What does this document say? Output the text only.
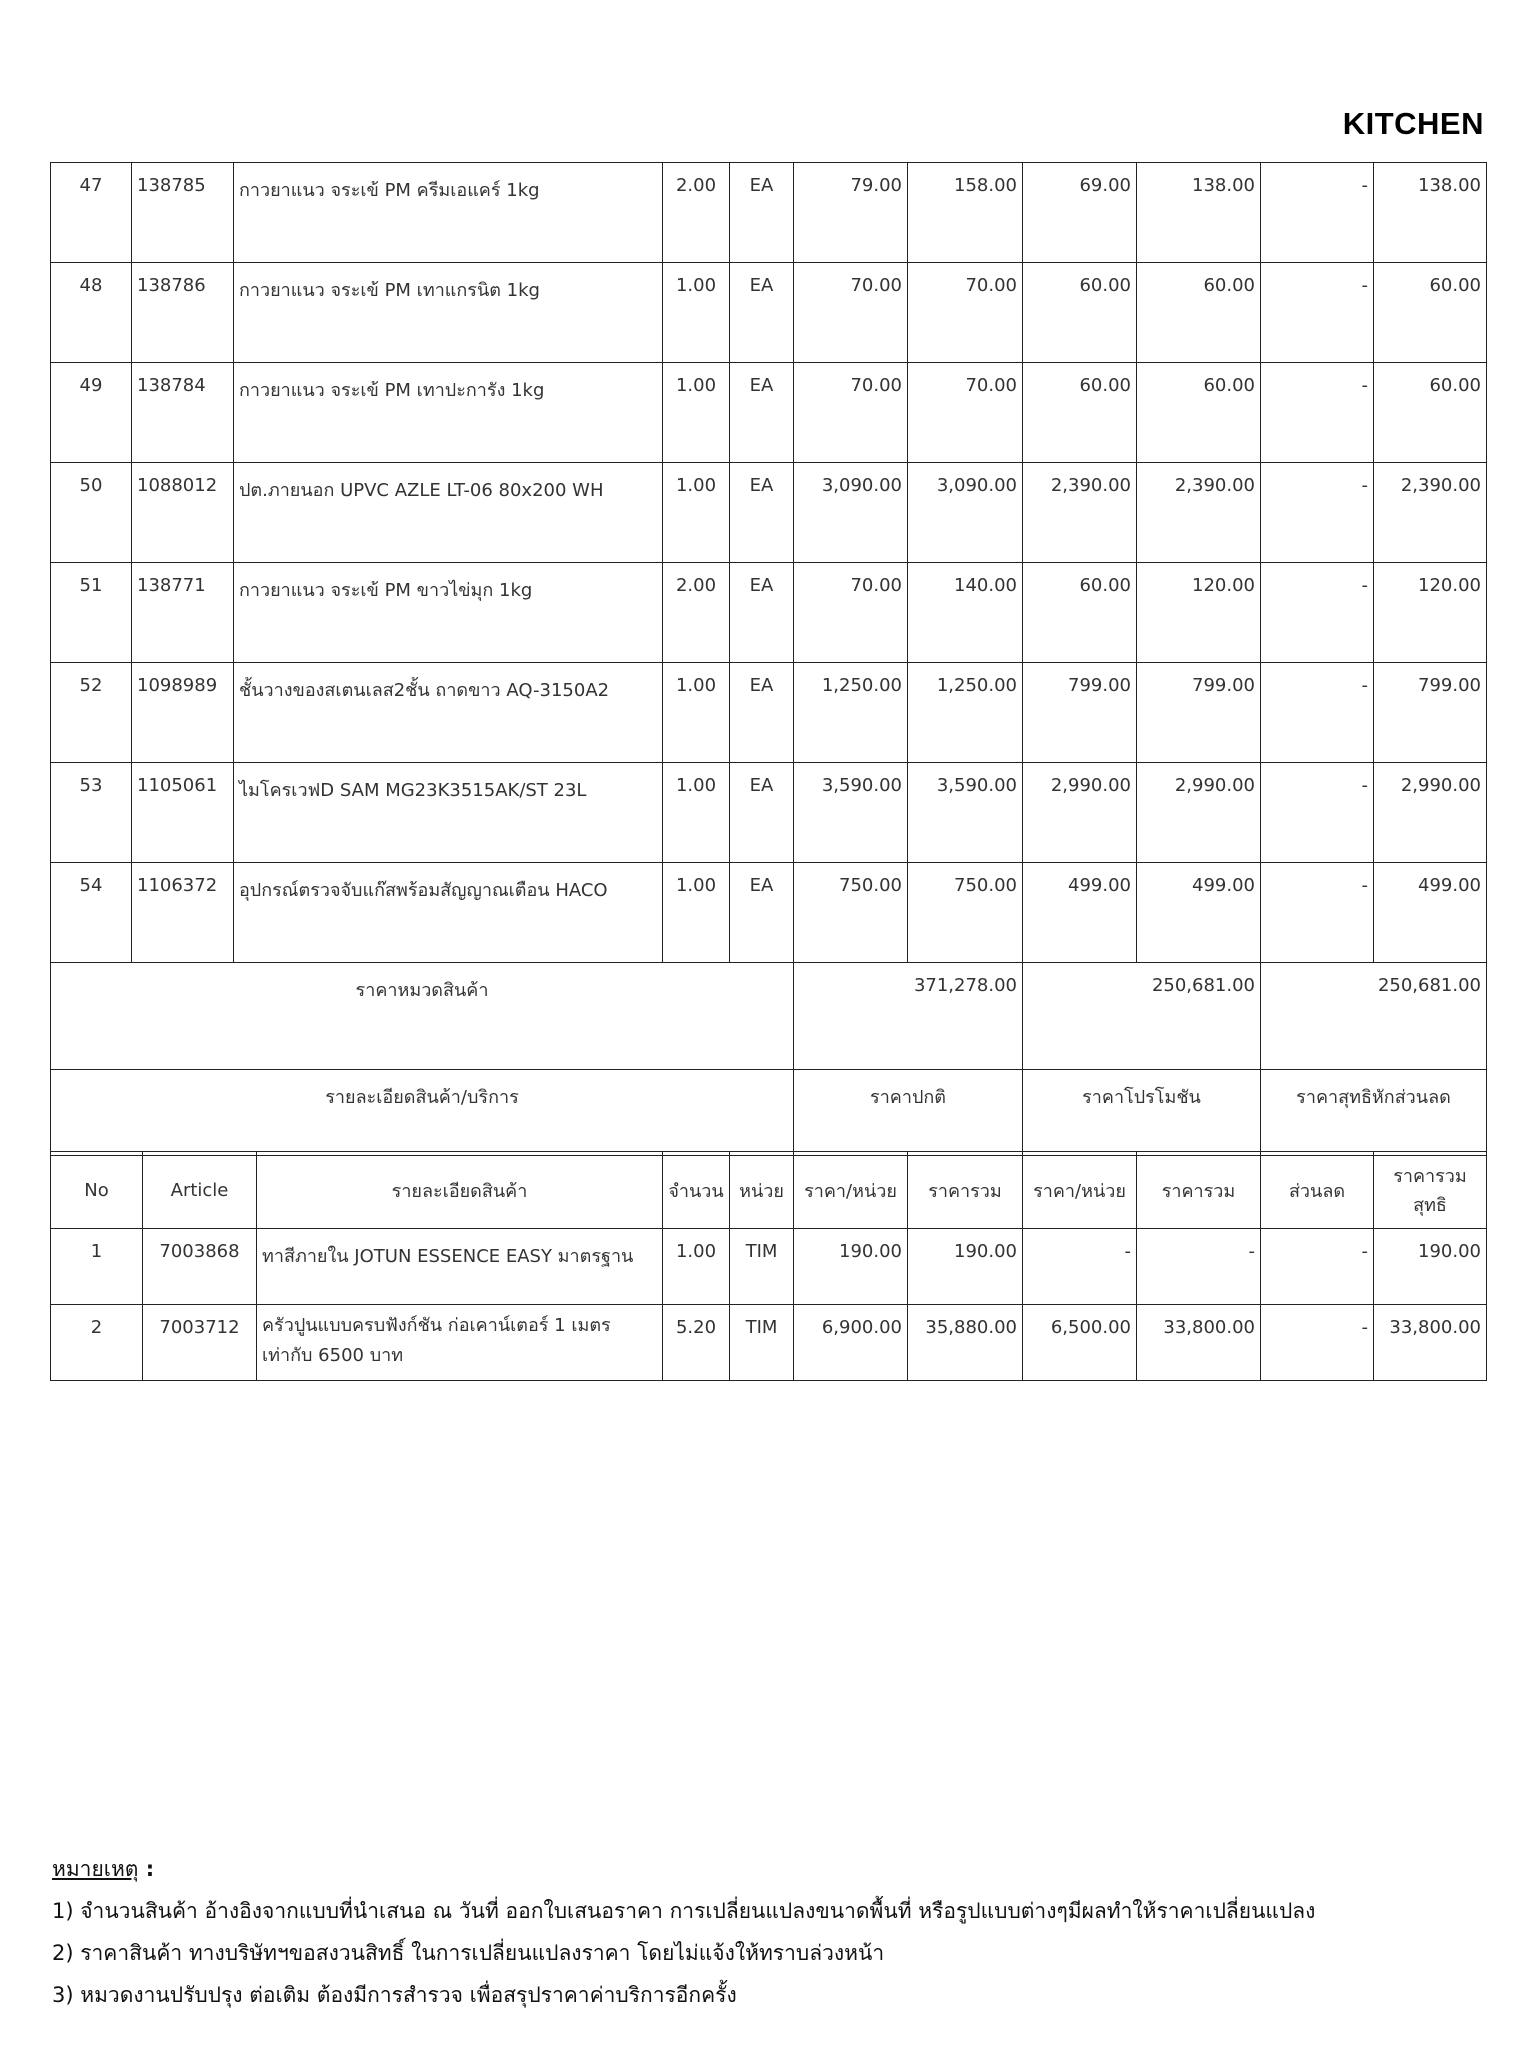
KITCHEN
47	138785	กาวยาแนว จระเข้ PM ครีมเอแคร์ 1kg	2.00	EA	79.00	158.00	69.00	138.00	-	138.00
48	138786	กาวยาแนว จระเข้ PM เทาแกรนิต 1kg	1.00	EA	70.00	70.00	60.00	60.00	-	60.00
49	138784	กาวยาแนว จระเข้ PM เทาปะการัง 1kg	1.00	EA	70.00	70.00	60.00	60.00	-	60.00
50	1088012	ปต.ภายนอก UPVC AZLE LT-06 80x200 WH	1.00	EA	3,090.00	3,090.00	2,390.00	2,390.00	-	2,390.00
51	138771	กาวยาแนว จระเข้ PM ขาวไข่มุก 1kg	2.00	EA	70.00	140.00	60.00	120.00	-	120.00
52	1098989	ชั้นวางของสเตนเลส2ชั้น ถาดขาว AQ-3150A2	1.00	EA	1,250.00	1,250.00	799.00	799.00	-	799.00
53	1105061	ไมโครเวฟD SAM MG23K3515AK/ST 23L	1.00	EA	3,590.00	3,590.00	2,990.00	2,990.00	-	2,990.00
54	1106372	อุปกรณ์ตรวจจับแก๊สพร้อมสัญญาณเตือน HACO	1.00	EA	750.00	750.00	499.00	499.00	-	499.00
ราคาหมวดสินค้า					371,278.00		250,681.00		250,681.00	
รายละเอียดสินค้า/บริการ					ราคาปกติ		ราคาโปรโมชัน		ราคาสุทธิหักส่วนลด	
No	Article	รายละเอียดสินค้า	จำนวน	หน่วย	ราคา/หน่วย	ราคารวม	ราคา/หน่วย	ราคารวม	ส่วนลด	ราคารวมสุทธิ
1	7003868	ทาสีภายใน JOTUN ESSENCE EASY มาตรฐาน	1.00	TIM	190.00	190.00	-	-	-	190.00
2	7003712	ครัวปูนแบบครบฟังก์ชัน ก่อเคาน์เตอร์ 1 เมตร เท่ากับ 6500 บาท	5.20	TIM	6,900.00	35,880.00	6,500.00	33,800.00	-	33,800.00
หมายเหตุ :
1) จำนวนสินค้า อ้างอิงจากแบบที่นำเสนอ ณ วันที่ ออกใบเสนอราคา การเปลี่ยนแปลงขนาดพื้นที่ หรือรูปแบบต่างๆมีผลทำให้ราคาเปลี่ยนแปลง
2) ราคาสินค้า ทางบริษัทฯขอสงวนสิทธิ์ ในการเปลี่ยนแปลงราคา โดยไม่แจ้งให้ทราบล่วงหน้า
3) หมวดงานปรับปรุง ต่อเติม ต้องมีการสำรวจ เพื่อสรุปราคาค่าบริการอีกครั้ง
